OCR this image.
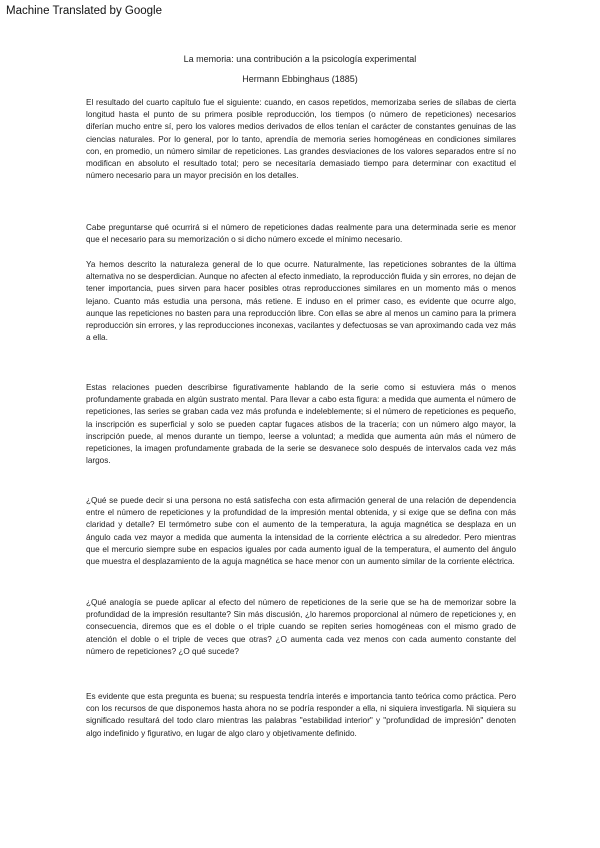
Machine Translated by Google
La memoria: una contribución a la psicología experimental
Hermann Ebbinghaus (1885)

El resultado del cuarto capítulo fue el siguiente: cuando, en casos repetidos, memorizaba series de sílabas de cierta longitud hasta el punto de su primera posible reproducción, los tiempos (o número de repeticiones) necesarios diferían mucho entre sí, pero los valores medios derivados de ellos tenían el carácter de constantes genuinas de las ciencias naturales. Por lo general, por lo tanto, aprendía de memoria series homogéneas en condiciones similares con, en promedio, un número similar de repeticiones. Las grandes desviaciones de los valores separados entre sí no modifican en absoluto el resultado total; pero se necesitaría demasiado tiempo para determinar con exactitud el número necesario para un mayor precisión en los detalles.

Cabe preguntarse qué ocurrirá si el número de repeticiones dadas realmente para una determinada serie es menor que el necesario para su memorización o si dicho número excede el mínimo necesario.

Ya hemos descrito la naturaleza general de lo que ocurre. Naturalmente, las repeticiones sobrantes de la última alternativa no se desperdician. Aunque no afecten al efecto inmediato, la reproducción fluida y sin errores, no dejan de tener importancia, pues sirven para hacer posibles otras reproducciones similares en un momento más o menos lejano. Cuanto más estudia una persona, más retiene. E induso en el primer caso, es evidente que ocurre algo, aunque las repeticiones no basten para una reproducción libre. Con ellas se abre al menos un camino para la primera reproducción sin errores, y las reproducciones inconexas, vacilantes y defectuosas se van aproximando cada vez más a ella.

Estas relaciones pueden describirse figurativamente hablando de la serie como si estuviera más o menos profundamente grabada en algún sustrato mental. Para llevar a cabo esta figura: a medida que aumenta el número de repeticiones, las series se graban cada vez más profunda e indeleblemente; si el número de repeticiones es pequeño, la inscripción es superficial y solo se pueden captar fugaces atisbos de la tracería; con un número algo mayor, la inscripción puede, al menos durante un tiempo, leerse a voluntad; a medida que aumenta aún más el número de repeticiones, la imagen profundamente grabada de la serie se desvanece solo después de intervalos cada vez más largos.

¿Qué se puede decir si una persona no está satisfecha con esta afirmación general de una relación de dependencia entre el número de repeticiones y la profundidad de la impresión mental obtenida, y si exige que se defina con más claridad y detalle? El termómetro sube con el aumento de la temperatura, la aguja magnética se desplaza en un ángulo cada vez mayor a medida que aumenta la intensidad de la corriente eléctrica a su alrededor. Pero mientras que el mercurio siempre sube en espacios iguales por cada aumento igual de la temperatura, el aumento del ángulo que muestra el desplazamiento de la aguja magnética se hace menor con un aumento similar de la corriente eléctrica.

¿Qué analogía se puede aplicar al efecto del número de repeticiones de la serie que se ha de memorizar sobre la profundidad de la impresión resultante? Sin más discusión, ¿lo haremos proporcional al número de repeticiones y, en consecuencia, diremos que es el doble o el triple cuando se repiten series homogéneas con el mismo grado de atención el doble o el triple de veces que otras? ¿O aumenta cada vez menos con cada aumento constante del número de repeticiones? ¿O qué sucede?

Es evidente que esta pregunta es buena; su respuesta tendría interés e importancia tanto teórica como práctica. Pero con los recursos de que disponemos hasta ahora no se podría responder a ella, ni siquiera investigarla. Ni siquiera su significado resultará del todo claro mientras las palabras "estabilidad interior" y "profundidad de impresión" denoten algo indefinido y figurativo, en lugar de algo claro y objetivamente definido.
